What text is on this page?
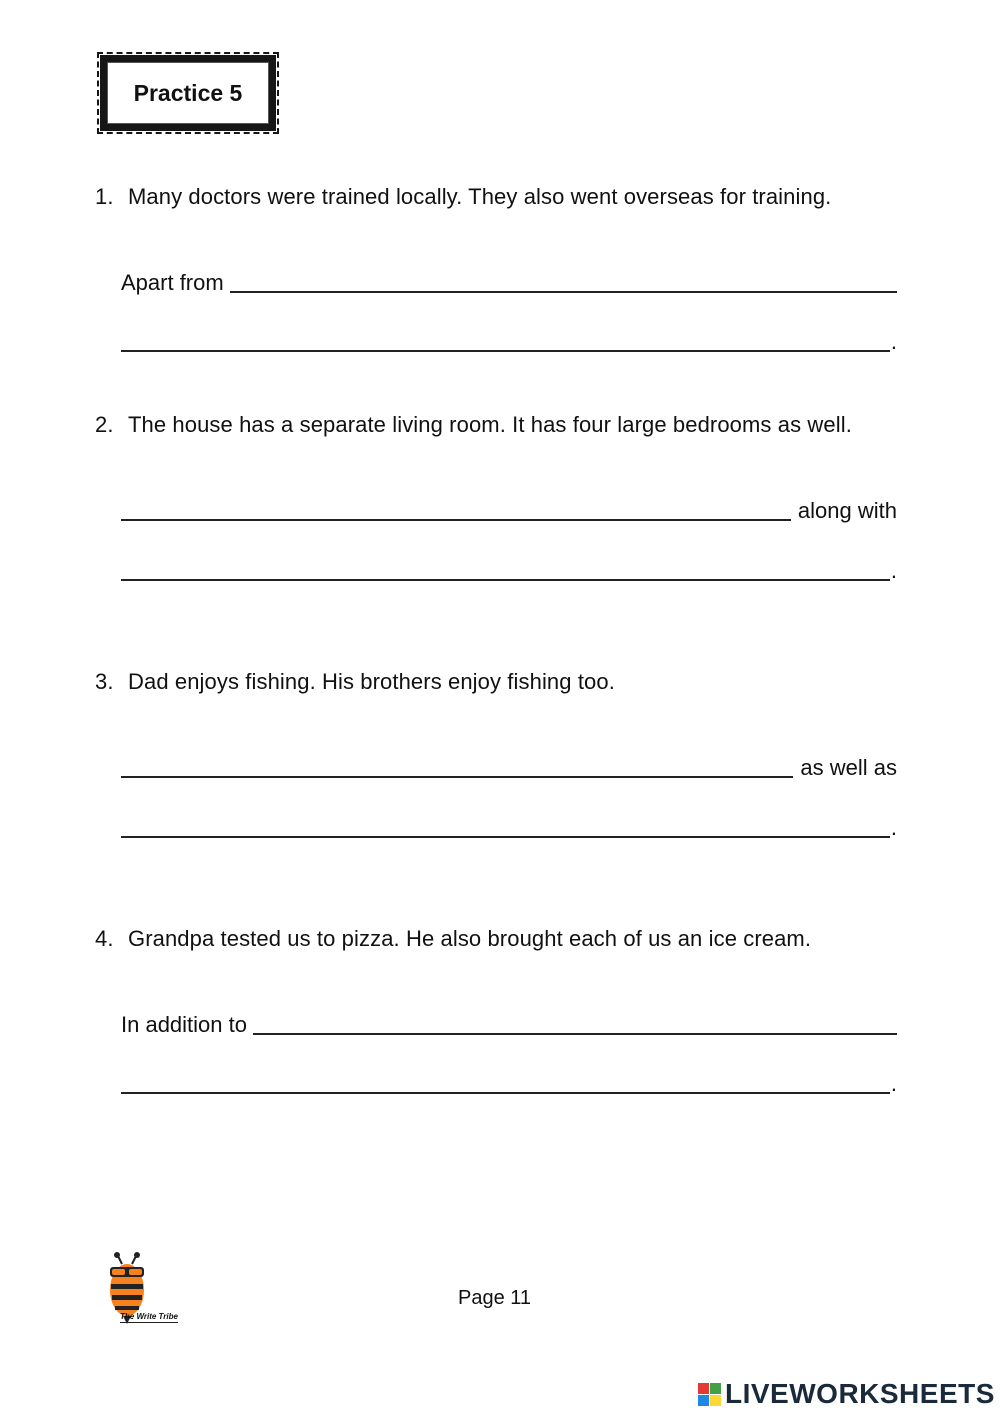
Practice 5
1. Many doctors were trained locally. They also went overseas for training.
Apart from
.
2. The house has a separate living room. It has four large bedrooms as well.
along with
.
3. Dad enjoys fishing. His brothers enjoy fishing too.
as well as
.
4. Grandpa tested us to pizza. He also brought each of us an ice cream.
In addition to
.
The Write Tribe
Page 11
LIVEWORKSHEETS
